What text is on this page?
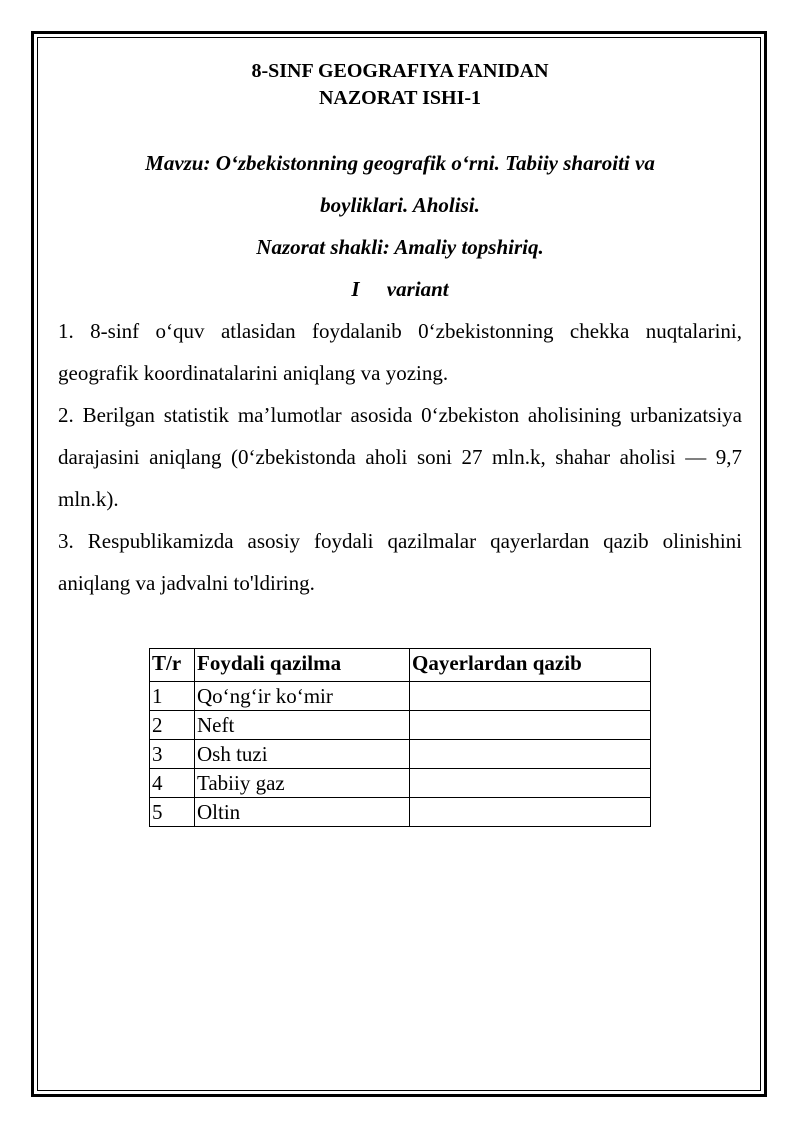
8-SINF GEOGRAFIYA FANIDAN

NAZORAT ISHI-1

Mavzu: O‘zbekistonning geografik o‘rni. Tabiiy sharoiti va

boyliklari. Aholisi.

Nazorat shakli: Amaliy topshiriq.

I variant

1. 8-sinf o‘quv atlasidan foydalanib 0‘zbekistonning chekka nuqtalarini, geografik koordinatalarini aniqlang va yozing.

2. Berilgan statistik ma’lumotlar asosida 0‘zbekiston aholisining urbanizatsiya darajasini aniqlang (0‘zbekistonda aholi soni 27 mln.k, shahar aholisi — 9,7 mln.k).

3. Respublikamizda asosiy foydali qazilmalar qayerlardan qazib olinishini aniqlang va jadvalni to'ldiring.

T/r	Foydali qazilma	Qayerlardan qazib
1	Qo‘ng‘ir ko‘mir	
2	Neft	
3	Osh tuzi	
4	Tabiiy gaz	
5	Oltin	
